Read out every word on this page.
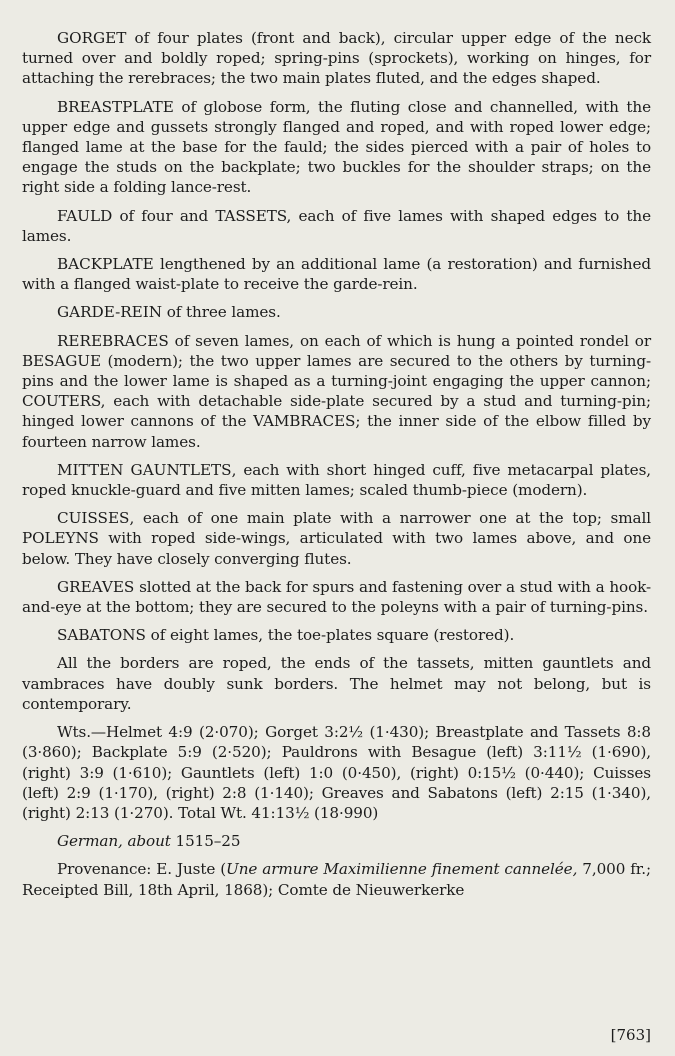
GORGET of four plates (front and back), circular upper edge of the neck turned over and boldly roped; spring-pins (sprockets), working on hinges, for attaching the rerebraces; the two main plates fluted, and the edges shaped.

BREASTPLATE of globose form, the fluting close and channelled, with the upper edge and gussets strongly flanged and roped, and with roped lower edge; flanged lame at the base for the fauld; the sides pierced with a pair of holes to engage the studs on the backplate; two buckles for the shoulder straps; on the right side a folding lance-rest.

FAULD of four and TASSETS, each of five lames with shaped edges to the lames.

BACKPLATE lengthened by an additional lame (a restoration) and furnished with a flanged waist-plate to receive the garde-rein.

GARDE-REIN of three lames.

REREBRACES of seven lames, on each of which is hung a pointed rondel or BESAGUE (modern); the two upper lames are secured to the others by turning-pins and the lower lame is shaped as a turning-joint engaging the upper cannon; COUTERS, each with detachable side-plate secured by a stud and turning-pin; hinged lower cannons of the VAMBRACES; the inner side of the elbow filled by fourteen narrow lames.

MITTEN GAUNTLETS, each with short hinged cuff, five metacarpal plates, roped knuckle-guard and five mitten lames; scaled thumb-piece (modern).

CUISSES, each of one main plate with a narrower one at the top; small POLEYNS with roped side-wings, articulated with two lames above, and one below. They have closely converging flutes.

GREAVES slotted at the back for spurs and fastening over a stud with a hook-and-eye at the bottom; they are secured to the poleyns with a pair of turning-pins.

SABATONS of eight lames, the toe-plates square (restored).

All the borders are roped, the ends of the tassets, mitten gauntlets and vambraces have doubly sunk borders. The helmet may not belong, but is contemporary.

Wts.—Helmet 4:9 (2·070); Gorget 3:2½ (1·430); Breastplate and Tassets 8:8 (3·860); Backplate 5:9 (2·520); Pauldrons with Besague (left) 3:11½ (1·690), (right) 3:9 (1·610); Gauntlets (left) 1:0 (0·450), (right) 0:15½ (0·440); Cuisses (left) 2:9 (1·170), (right) 2:8 (1·140); Greaves and Sabatons (left) 2:15 (1·340), (right) 2:13 (1·270). Total Wt. 41:13½ (18·990)

German, about 1515–25

Provenance: E. Juste (Une armure Maximilienne finement cannelée, 7,000 fr.; Receipted Bill, 18th April, 1868); Comte de Nieuwerkerke

[763]
